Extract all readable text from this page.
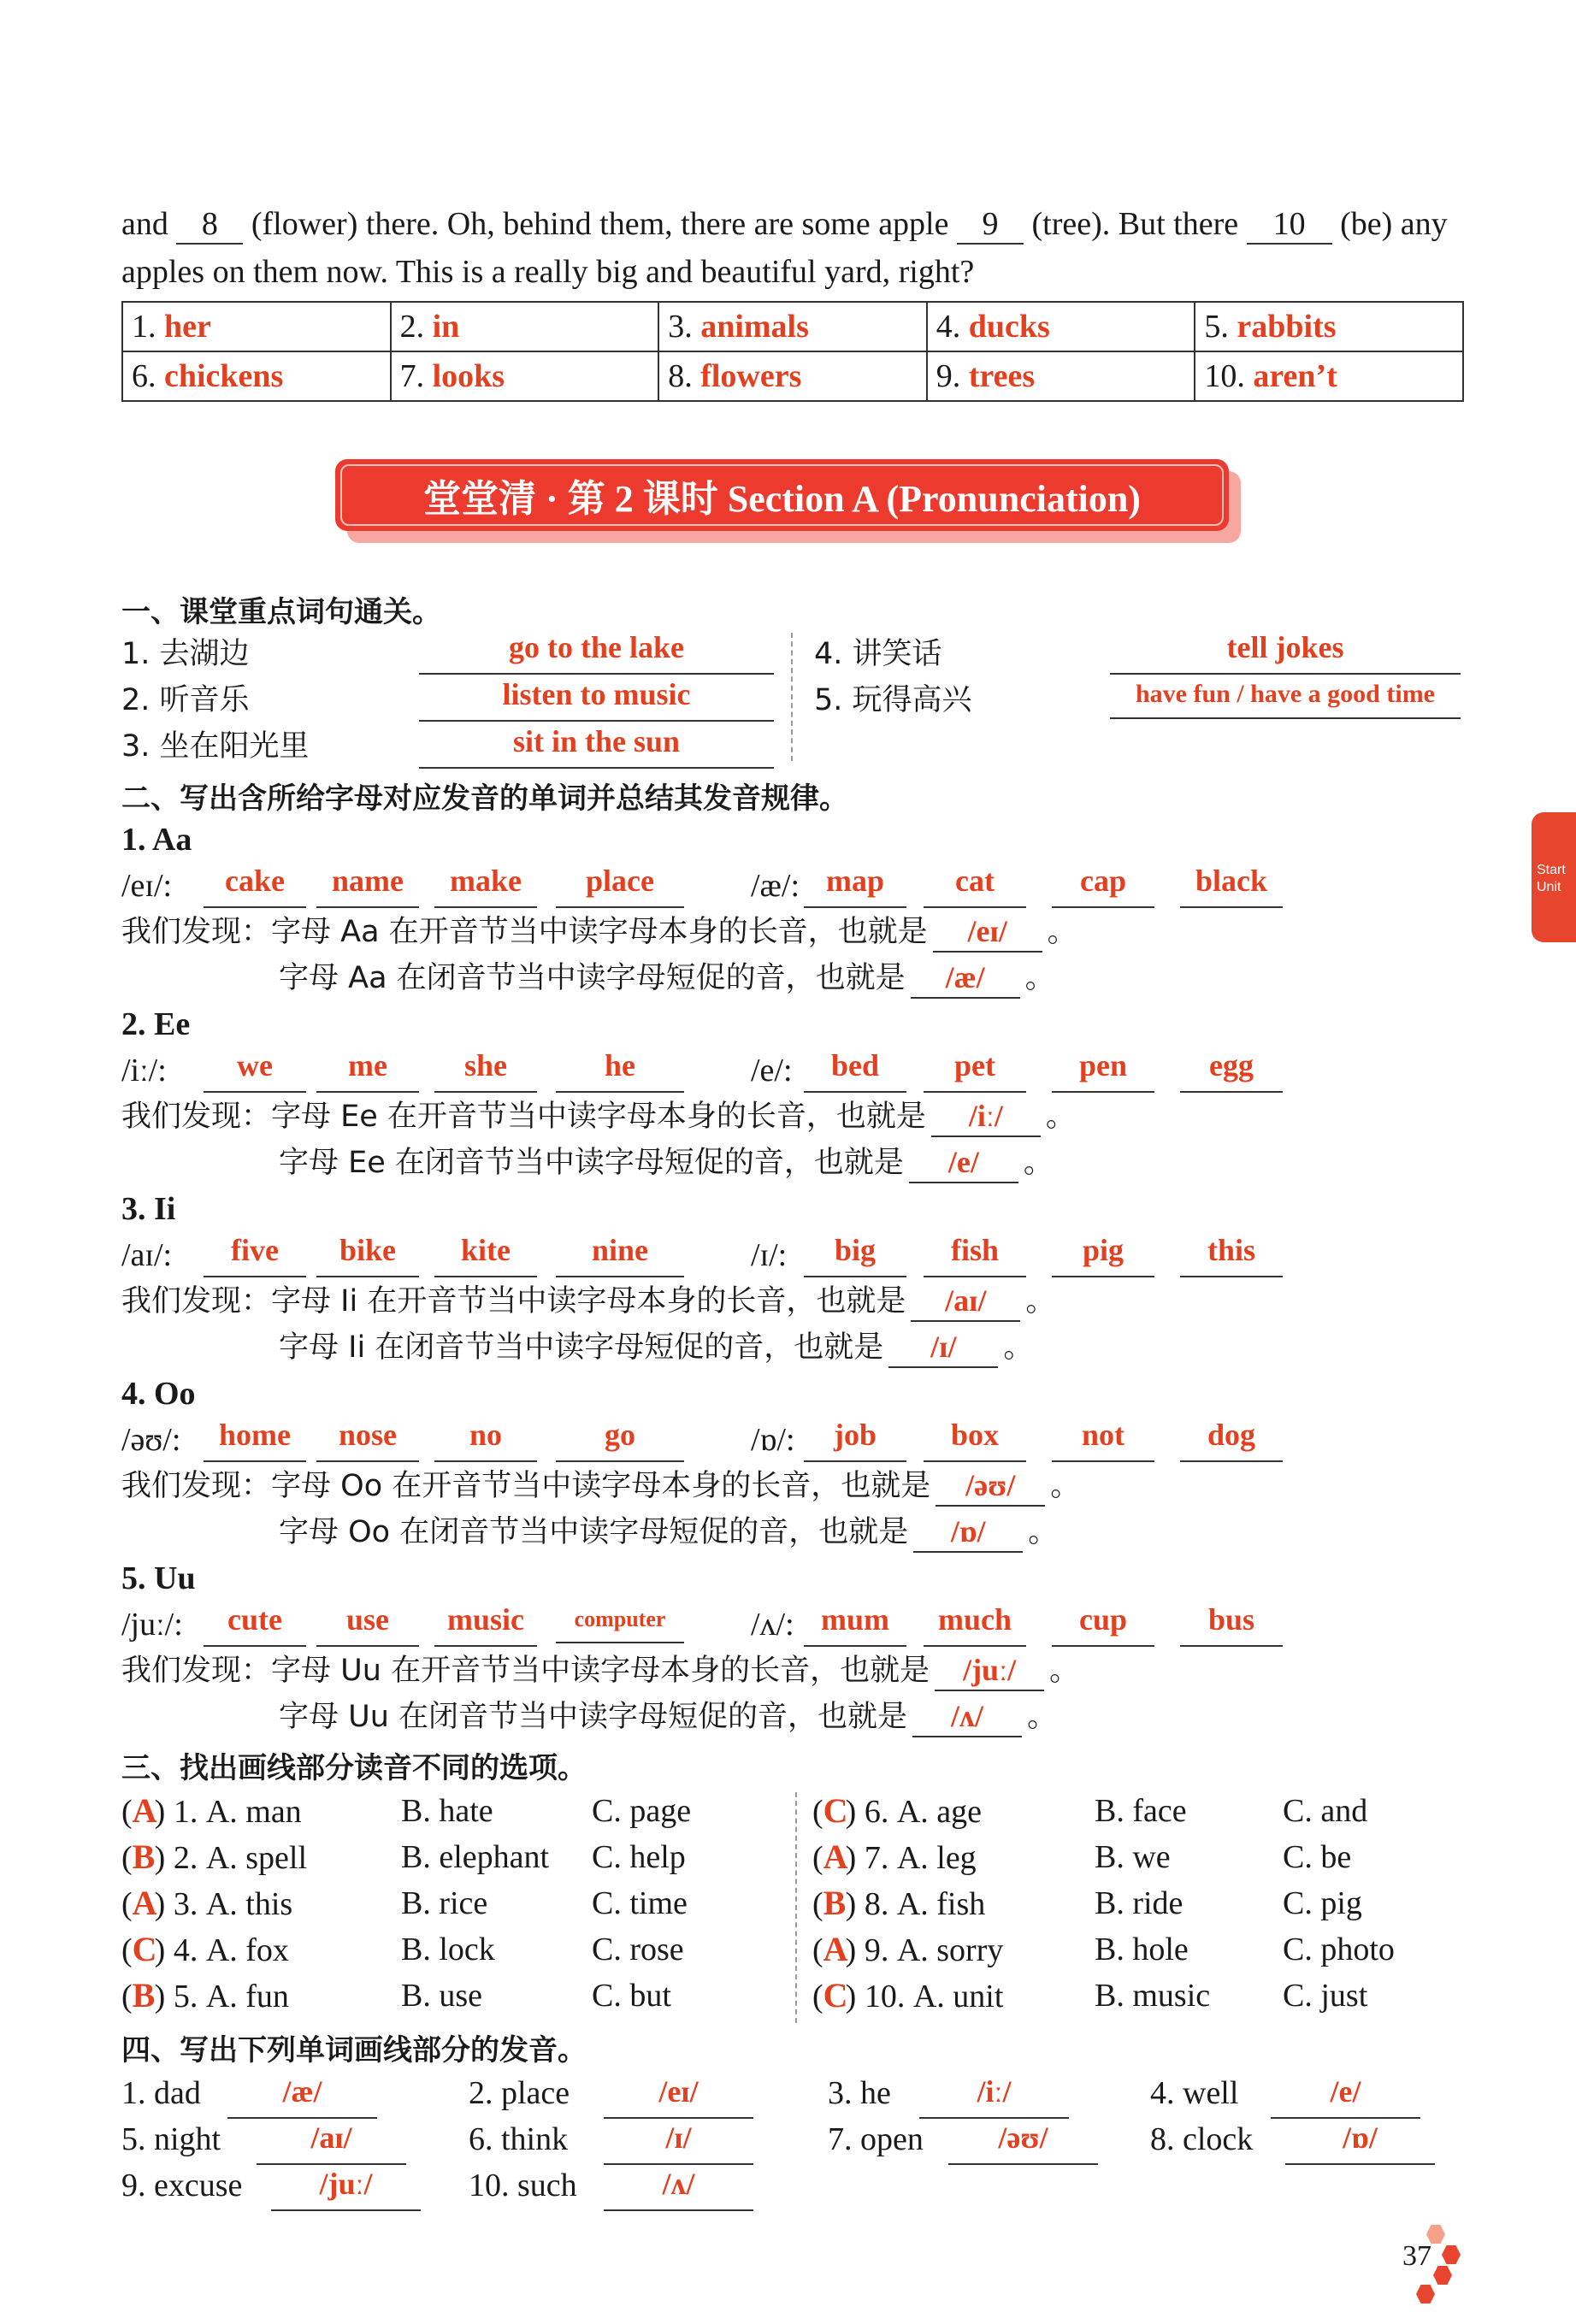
and 8 (flower) there. Oh, behind them, there are some apple 9 (tree). But there 10 (be) any
apples on them now. This is a really big and beautiful yard, right?
1. her	2. in	3. animals	4. ducks	5. rabbits
6. chickens	7. looks	8. flowers	9. trees	10. aren’t
堂堂清 · 第 2 课时 Section A (Pronunciation)
Start
Unit
一、课堂重点词句通关。
1. 去湖边	go to the lake
2. 听音乐	listen to music
3. 坐在阳光里	sit in the sun
4. 讲笑话	tell jokes
5. 玩得高兴	have fun / have a good time
二、写出含所给字母对应发音的单词并总结其发音规律。
1. Aa
/eɪ/:	cake	name	make	place	/æ/: map	cat	cap	black
我们发现：字母 Aa 在开音节当中读字母本身的长音，也就是 /eɪ/ 。
字母 Aa 在闭音节当中读字母短促的音，也就是 /æ/ 。
2. Ee
/iː/:	we	me	she	he	/e/:	bed	pet	pen	egg
我们发现：字母 Ee 在开音节当中读字母本身的长音，也就是 /iː/ 。
字母 Ee 在闭音节当中读字母短促的音，也就是 /e/ 。
3. Ii
/aɪ/:	five	bike	kite	nine	/ɪ/:	big	fish	pig	this
我们发现：字母 Ii 在开音节当中读字母本身的长音，也就是 /aɪ/ 。
字母 Ii 在闭音节当中读字母短促的音，也就是 /ɪ/ 。
4. Oo
/əʊ/:	home	nose	no	go	/ɒ/:	job	box	not	dog
我们发现：字母 Oo 在开音节当中读字母本身的长音，也就是 /əʊ/ 。
字母 Oo 在闭音节当中读字母短促的音，也就是 /ɒ/ 。
5. Uu
/juː/:	cute	use	music	computer	/ʌ/: mum	much	cup	bus
我们发现：字母 Uu 在开音节当中读字母本身的长音，也就是 /juː/ 。
字母 Uu 在闭音节当中读字母短促的音，也就是 /ʌ/ 。
三、找出画线部分读音不同的选项。
(A) 1. A. man	B. hate	C. page	(C) 6. A. age	B. face	C. and
(B) 2. A. spell	B. elephant C. help	(A) 7. A. leg	B. we	C. be
(A) 3. A. this	B. rice	C. time	(B) 8. A. fish	B. ride	C. pig
(C) 4. A. fox	B. lock	C. rose	(A) 9. A. sorry	B. hole	C. photo
(B) 5. A. fun	B. use	C. but	(C) 10. A. unit	B. music C. just
四、写出下列单词画线部分的发音。
1. dad	/æ/	2. place	/eɪ/	3. he	/iː/	4. well	/e/
5. night	/aɪ/	6. think	/ɪ/	7. open	/əʊ/	8. clock	/ɒ/
9. excuse	/juː/	10. such	/ʌ/
37
